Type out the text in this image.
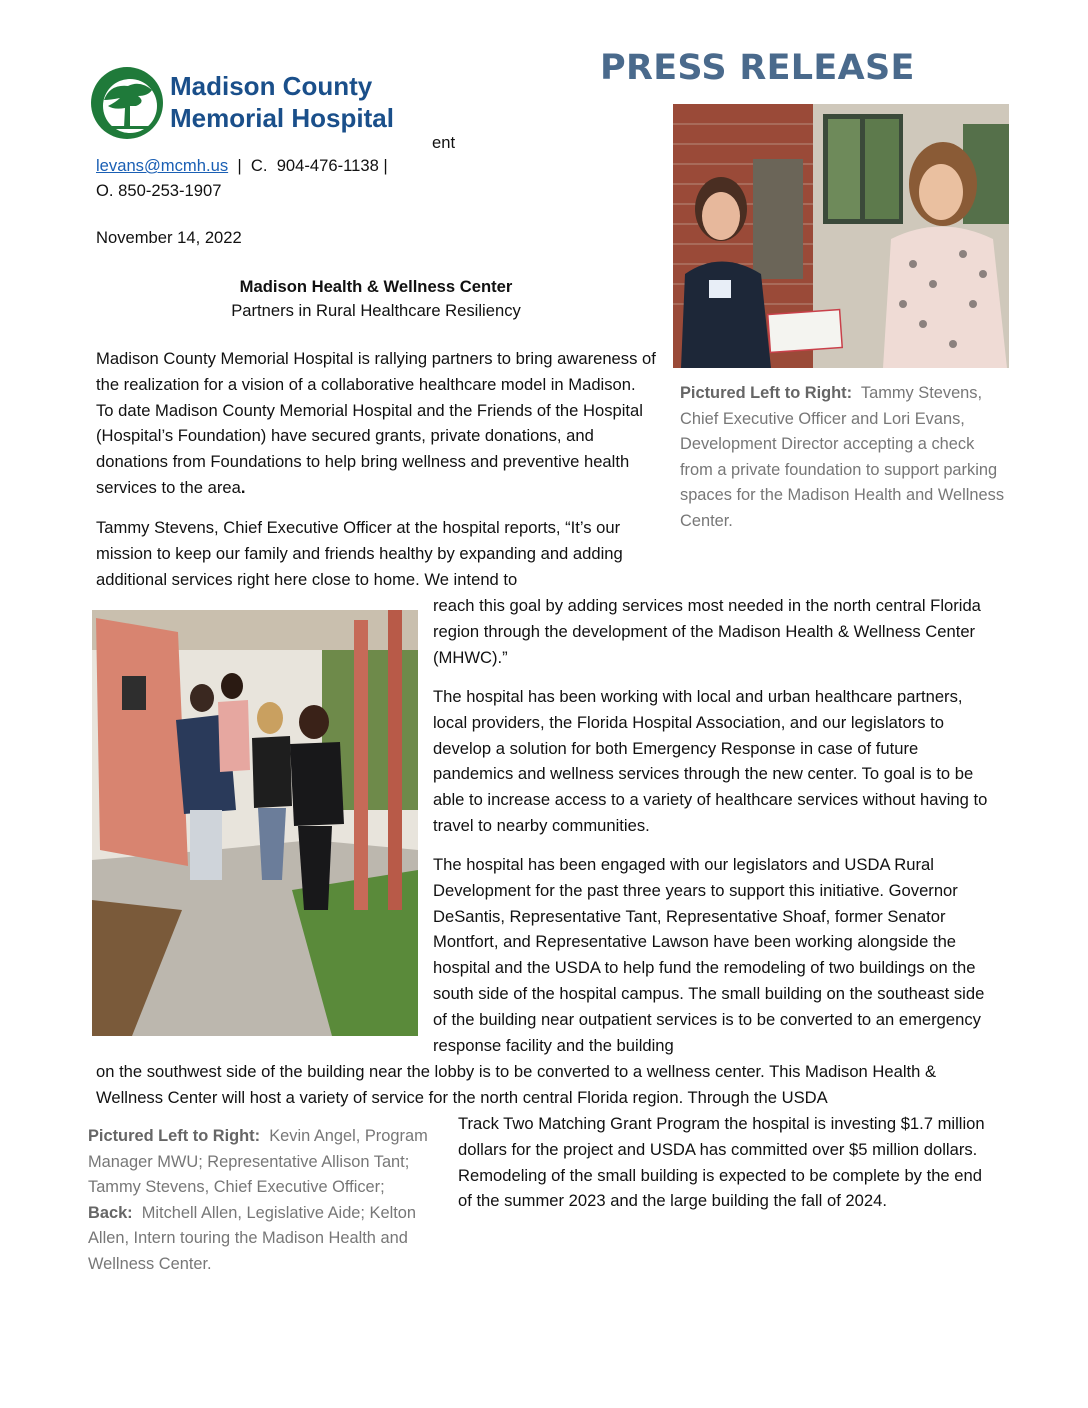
Madison County
Memorial Hospital
PRESS RELEASE
ent
levans@mcmh.us  |  C.  904-476-1138 |
O. 850-253-1907
November 14, 2022
Madison Health & Wellness Center
Partners in Rural Healthcare Resiliency
Madison County Memorial Hospital is rallying partners to bring awareness of the realization for a vision of a collaborative healthcare model in Madison. To date Madison County Memorial Hospital and the Friends of the Hospital (Hospital’s Foundation) have secured grants, private donations, and donations from Foundations to help bring wellness and preventive health services to the area.
Tammy Stevens, Chief Executive Officer at the hospital reports, “It’s our mission to keep our family and friends healthy by expanding and adding additional services right here close to home. We intend to
reach this goal by adding services most needed in the north central Florida region through the development of the Madison Health & Wellness Center (MHWC).”
The hospital has been working with local and urban healthcare partners, local providers, the Florida Hospital Association, and our legislators to develop a solution for both Emergency Response in case of future pandemics and wellness services through the new center. To goal is to be able to increase access to a variety of healthcare services without having to travel to nearby communities.
The hospital has been engaged with our legislators and USDA Rural Development for the past three years to support this initiative. Governor DeSantis, Representative Tant, Representative Shoaf, former Senator Montfort, and Representative Lawson have been working alongside the hospital and the USDA to help fund the remodeling of two buildings on the south side of the hospital campus. The small building on the southeast side of the building near outpatient services is to be converted to an emergency response facility and the building
on the southwest side of the building near the lobby is to be converted to a wellness center. This Madison Health & Wellness Center will host a variety of service for the north central Florida region. Through the USDA
Track Two Matching Grant Program the hospital is investing $1.7 million dollars for the project and USDA has committed over $5 million dollars. Remodeling of the small building is expected to be complete by the end of the summer 2023 and the large building the fall of 2024.
Pictured Left to Right:  Tammy Stevens, Chief Executive Officer and Lori Evans, Development Director accepting a check from a private foundation to support parking spaces for the Madison Health and Wellness Center.
Pictured Left to Right:  Kevin Angel, Program Manager MWU; Representative Allison Tant; Tammy Stevens, Chief Executive Officer; Back:  Mitchell Allen, Legislative Aide; Kelton Allen, Intern touring the Madison Health and Wellness Center.
